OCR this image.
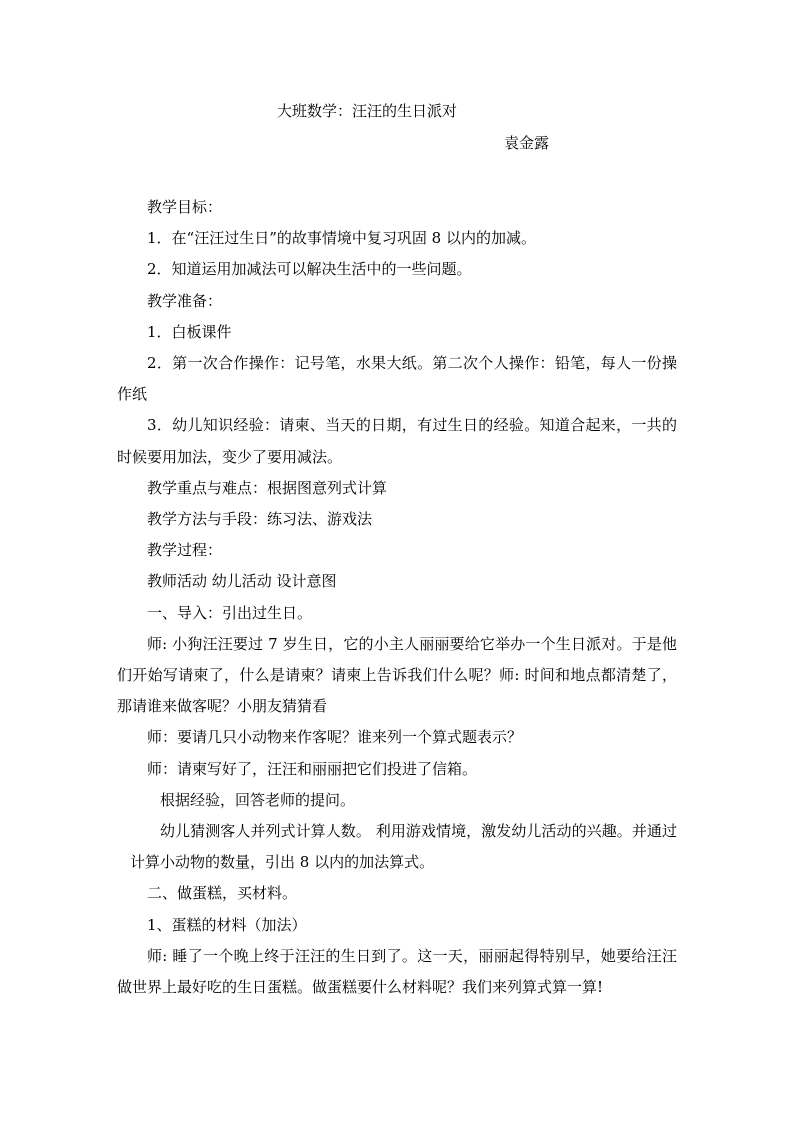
大班数学：汪汪的生日派对
袁金露

教学目标：

1．在“汪汪过生日”的故事情境中复习巩固 8 以内的加减。

2．知道运用加减法可以解决生活中的一些问题。

教学准备：

1．白板课件

2．第一次合作操作：记号笔，水果大纸。第二次个人操作：铅笔，每人一份操作纸

3．幼儿知识经验：请柬、当天的日期，有过生日的经验。知道合起来，一共的时候要用加法，变少了要用减法。

教学重点与难点：根据图意列式计算

教学方法与手段：练习法、游戏法

教学过程：

教师活动 幼儿活动 设计意图

一、导入：引出过生日。

师: 小狗汪汪要过 7 岁生日，它的小主人丽丽要给它举办一个生日派对。于是他们开始写请柬了，什么是请柬？请柬上告诉我们什么呢？师: 时间和地点都清楚了，那请谁来做客呢？小朋友猜猜看

师：要请几只小动物来作客呢？谁来列一个算式题表示？

师：请柬写好了，汪汪和丽丽把它们投进了信箱。

根据经验，回答老师的提问。

幼儿猜测客人并列式计算人数。 利用游戏情境，激发幼儿活动的兴趣。并通过计算小动物的数量，引出 8 以内的加法算式。

二、做蛋糕，买材料。

1、蛋糕的材料（加法）

师: 睡了一个晚上终于汪汪的生日到了。这一天，丽丽起得特别早，她要给汪汪做世界上最好吃的生日蛋糕。做蛋糕要什么材料呢？我们来列算式算一算!
